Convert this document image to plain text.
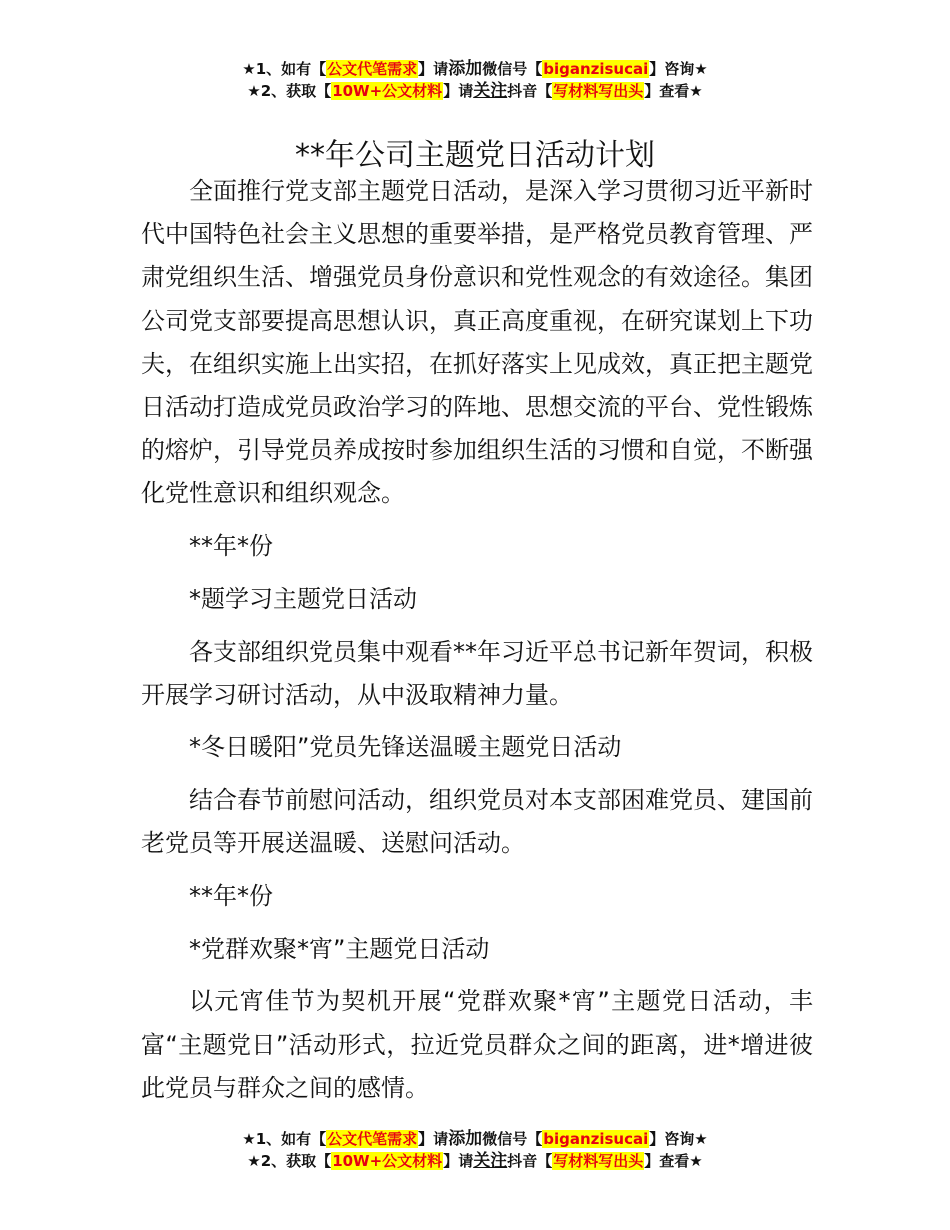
★1、如有【公文代笔需求】请添加微信号【biganzisucai】咨询★
★2、获取【10W+公文材料】请关注抖音【写材料写出头】查看★
**年公司主题党日活动计划

全面推行党支部主题党日活动，是深入学习贯彻习近平新时代中国特色社会主义思想的重要举措，是严格党员教育管理、严肃党组织生活、增强党员身份意识和党性观念的有效途径。集团公司党支部要提高思想认识，真正高度重视，在研究谋划上下功夫，在组织实施上出实招，在抓好落实上见成效，真正把主题党日活动打造成党员政治学习的阵地、思想交流的平台、党性锻炼的熔炉，引导党员养成按时参加组织生活的习惯和自觉，不断强化党性意识和组织观念。

**年*份

*题学习主题党日活动

各支部组织党员集中观看**年习近平总书记新年贺词，积极开展学习研讨活动，从中汲取精神力量。

*冬日暖阳”党员先锋送温暖主题党日活动

结合春节前慰问活动，组织党员对本支部困难党员、建国前老党员等开展送温暖、送慰问活动。

**年*份

*党群欢聚*宵”主题党日活动

以元宵佳节为契机开展“党群欢聚*宵”主题党日活动，丰富“主题党日”活动形式，拉近党员群众之间的距离，进*增进彼此党员与群众之间的感情。

★1、如有【公文代笔需求】请添加微信号【biganzisucai】咨询★
★2、获取【10W+公文材料】请关注抖音【写材料写出头】查看★
